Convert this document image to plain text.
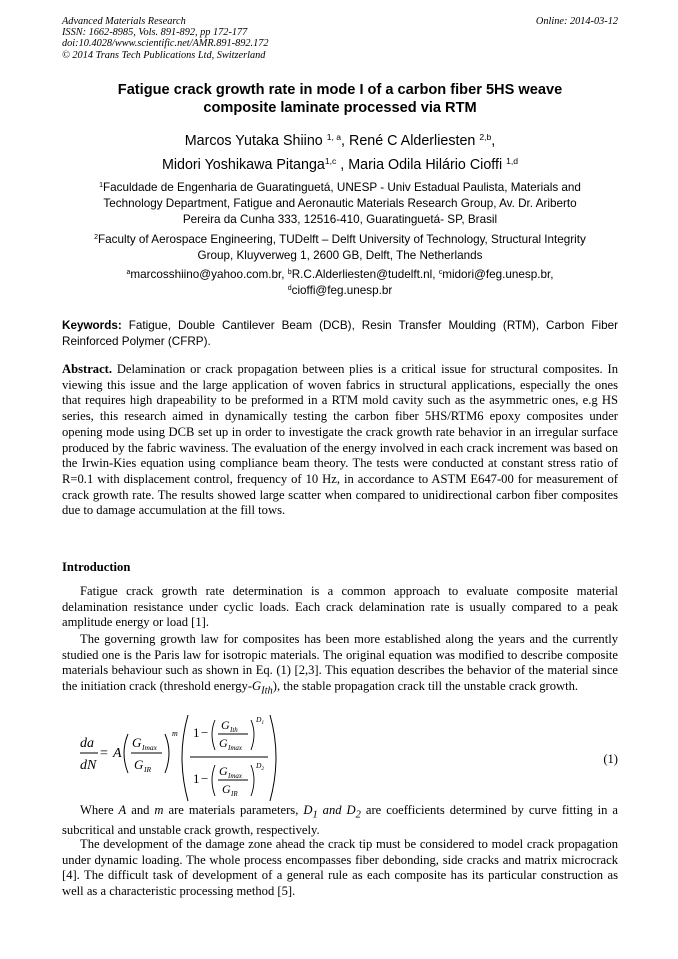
Advanced Materials Research
ISSN: 1662-8985, Vols. 891-892, pp 172-177
doi:10.4028/www.scientific.net/AMR.891-892.172
© 2014 Trans Tech Publications Ltd, Switzerland
Online: 2014-03-12
Fatigue crack growth rate in mode I of a carbon fiber 5HS weave
composite laminate processed via RTM
Marcos Yutaka Shiino $^{1, a}$, René C Alderliesten $^{2,b}$,
Midori Yoshikawa Pitanga$^{1,c}$ , Maria Odila Hilário Cioffi $^{1,d}$
$^1$Faculdade de Engenharia de Guaratinguetá, UNESP - Univ Estadual Paulista, Materials and
Technology Department, Fatigue and Aeronautic Materials Research Group, Av. Dr. Ariberto
Pereira da Cunha 333, 12516-410, Guaratinguetá- SP, Brasil
$^2$Faculty of Aerospace Engineering, TUDelft – Delft University of Technology, Structural Integrity
Group, Kluyverweg 1, 2600 GB, Delft, The Netherlands
$^a$marcosshiino@yahoo.com.br, $^b$R.C.Alderliesten@tudelft.nl, $^c$midori@feg.unesp.br,
$^d$cioffi@feg.unesp.br
Keywords: Fatigue, Double Cantilever Beam (DCB), Resin Transfer Moulding (RTM), Carbon Fiber Reinforced Polymer (CFRP).
Abstract. Delamination or crack propagation between plies is a critical issue for structural composites. In viewing this issue and the large application of woven fabrics in structural applications, especially the ones that requires high drapeability to be preformed in a RTM mold cavity such as the asymmetric ones, e.g HS series, this research aimed in dynamically testing the carbon fiber 5HS/RTM6 epoxy composites under opening mode using DCB set up in order to investigate the crack growth rate behavior in an irregular surface produced by the fabric waviness. The evaluation of the energy involved in each crack increment was based on the Irwin-Kies equation using compliance beam theory. The tests were conducted at constant stress ratio of R=0.1 with displacement control, frequency of 10 Hz, in accordance to ASTM E647-00 for measurement of crack growth rate. The results showed large scatter when compared to unidirectional carbon fiber composites due to damage accumulation at the fill tows.
Introduction
Fatigue crack growth rate determination is a common approach to evaluate composite material delamination resistance under cyclic loads. Each crack delamination rate is usually compared to a peak amplitude energy or load [1].
The governing growth law for composites has been more established along the years and the currently studied one is the Paris law for isotropic materials. The original equation was modified to describe composite materials behaviour such as shown in Eq. (1) [2,3]. This equation describes the behavior of the material since the initiation crack (threshold energy-$G_{Ith}$), the stable propagation crack till the unstable crack growth.
da
dN
= A
G Imax
G IR
m 1 − G Ith
G Imax
$D_1$
1 − G Imax
G IR
$D_2$
(1)
Where A and m are materials parameters, $D_1$ and $D_2$ are coefficients determined by curve fitting in a subcritical and unstable crack growth, respectively.
The development of the damage zone ahead the crack tip must be considered to model crack propagation under dynamic loading. The whole process encompasses fiber debonding, side cracks and matrix microcrack [4]. The difficult task of development of a general rule as each composite has its particular construction as well as a characteristic processing method [5].
